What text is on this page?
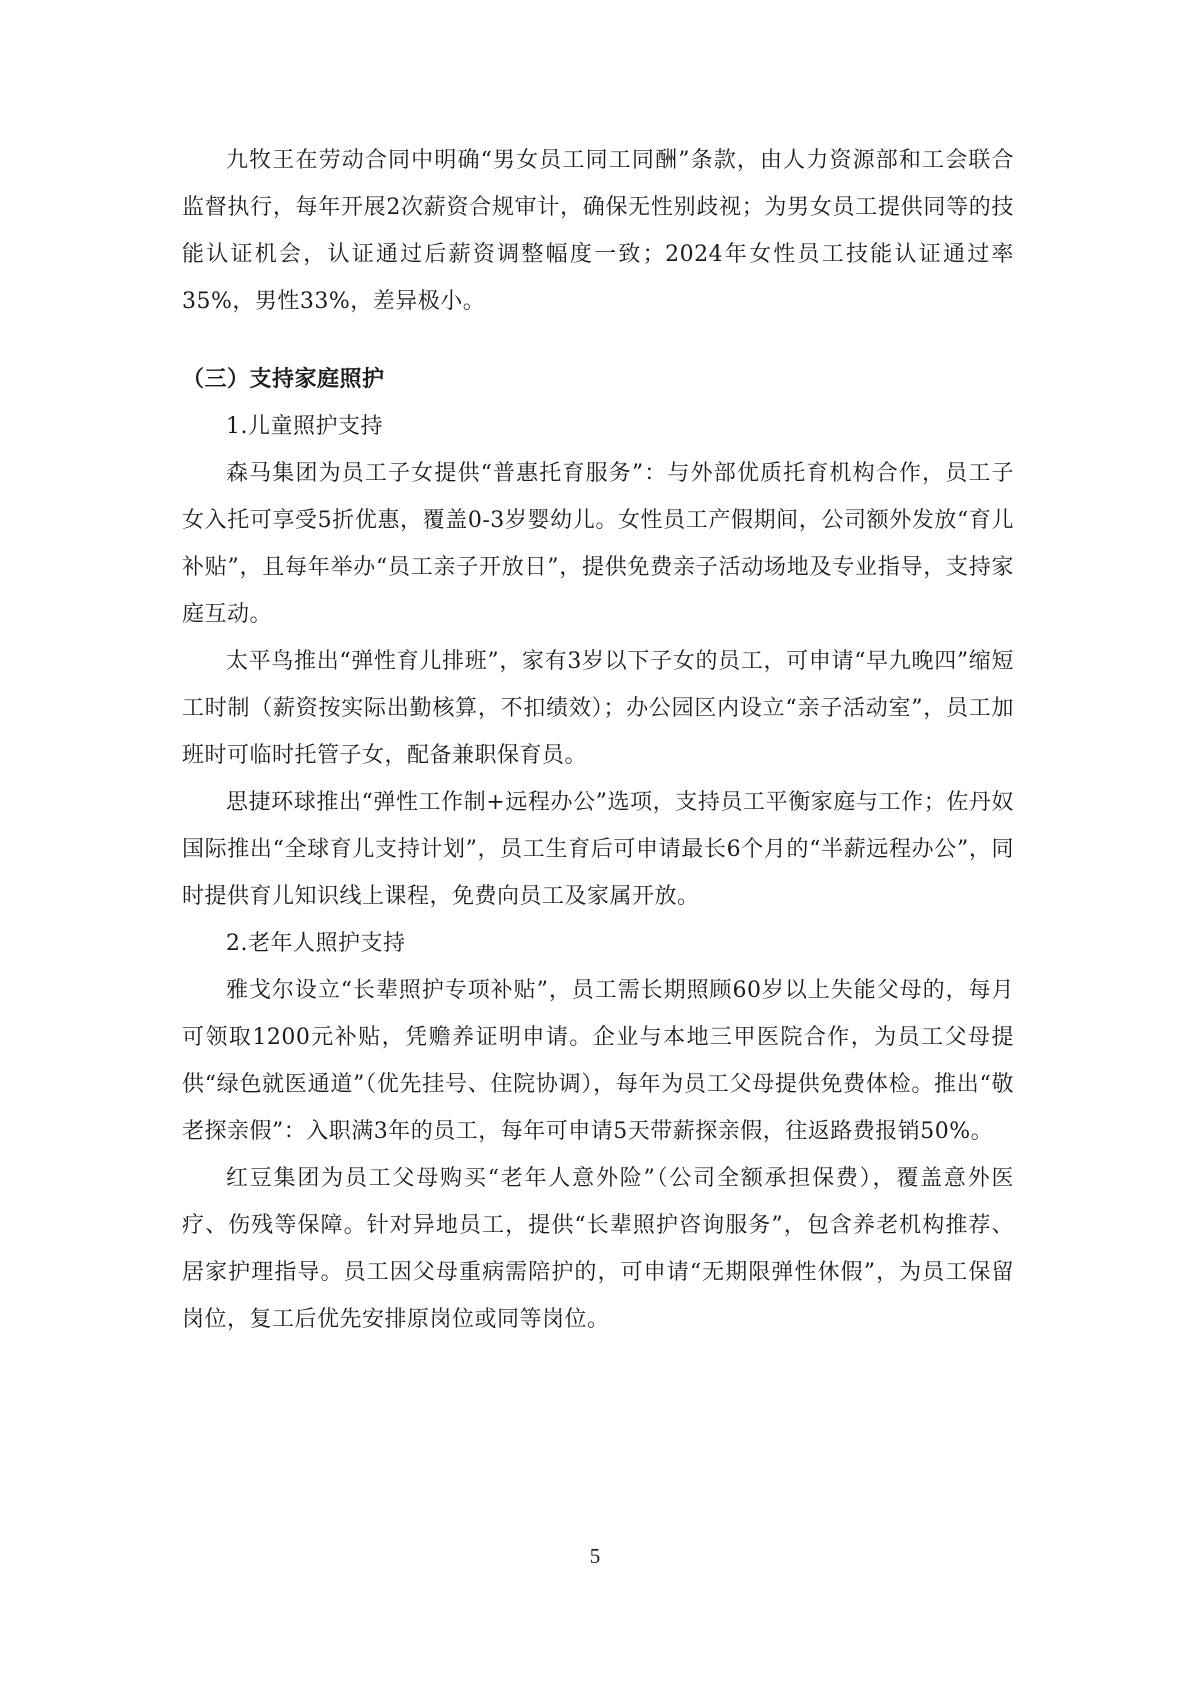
九牧王在劳动合同中明确“男女员工同工同酬”条款，由人力资源部和工会联合监督执行，每年开展2次薪资合规审计，确保无性别歧视；为男女员工提供同等的技能认证机会，认证通过后薪资调整幅度一致；2024年女性员工技能认证通过率35%，男性33%，差异极小。

（三）支持家庭照护

1.儿童照护支持

森马集团为员工子女提供“普惠托育服务”：与外部优质托育机构合作，员工子女入托可享受5折优惠，覆盖0-3岁婴幼儿。女性员工产假期间，公司额外发放“育儿补贴”，且每年举办“员工亲子开放日”，提供免费亲子活动场地及专业指导，支持家庭互动。

太平鸟推出“弹性育儿排班”，家有3岁以下子女的员工，可申请“早九晚四”缩短工时制（薪资按实际出勤核算，不扣绩效）；办公园区内设立“亲子活动室”，员工加班时可临时托管子女，配备兼职保育员。

思捷环球推出“弹性工作制+远程办公”选项，支持员工平衡家庭与工作；佐丹奴国际推出“全球育儿支持计划”，员工生育后可申请最长6个月的“半薪远程办公”，同时提供育儿知识线上课程，免费向员工及家属开放。

2.老年人照护支持

雅戈尔设立“长辈照护专项补贴”，员工需长期照顾60岁以上失能父母的，每月可领取1200元补贴，凭赡养证明申请。企业与本地三甲医院合作，为员工父母提供“绿色就医通道”（优先挂号、住院协调），每年为员工父母提供免费体检。推出“敬老探亲假”：入职满3年的员工，每年可申请5天带薪探亲假，往返路费报销50%。

红豆集团为员工父母购买“老年人意外险”（公司全额承担保费），覆盖意外医疗、伤残等保障。针对异地员工，提供“长辈照护咨询服务”，包含养老机构推荐、居家护理指导。员工因父母重病需陪护的，可申请“无期限弹性休假”，为员工保留岗位，复工后优先安排原岗位或同等岗位。

5
